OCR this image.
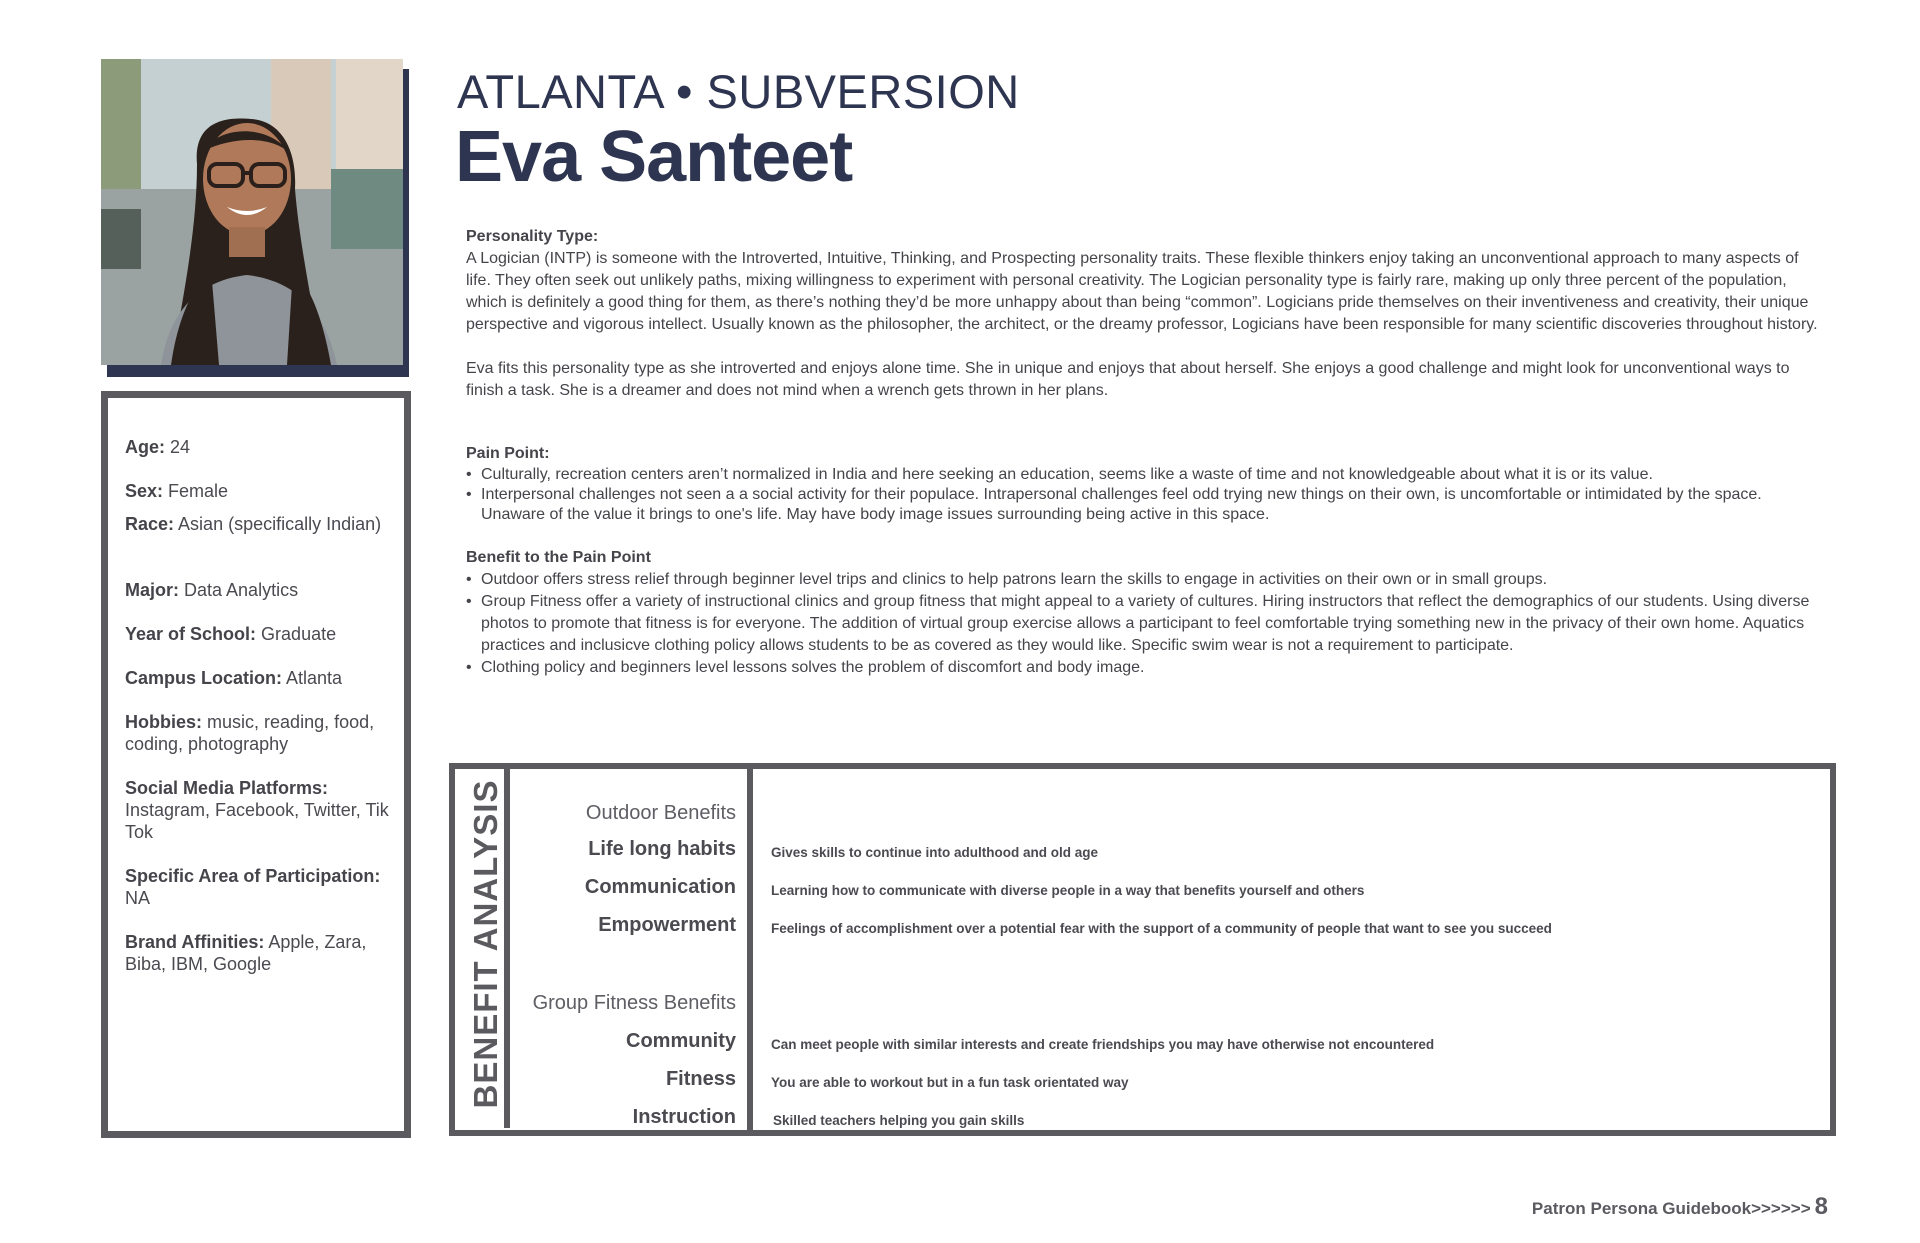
Age: 24
Sex: Female
Race: Asian (specifically Indian)
Major: Data Analytics
Year of School: Graduate
Campus Location: Atlanta
Hobbies: music, reading, food, coding, photography
Social Media Platforms: Instagram, Facebook, Twitter, Tik Tok
Specific Area of Participation: NA
Brand Affinities: Apple, Zara, Biba, IBM, Google
ATLANTA • SUBVERSION
Eva Santeet

Personality Type:

A Logician (INTP) is someone with the Introverted, Intuitive, Thinking, and Prospecting personality traits. These flexible thinkers enjoy taking an unconventional approach to many aspects of life. They often seek out unlikely paths, mixing willingness to experiment with personal creativity. The Logician personality type is fairly rare, making up only three percent of the population, which is definitely a good thing for them, as there’s nothing they’d be more unhappy about than being “common”. Logicians pride themselves on their inventiveness and creativity, their unique perspective and vigorous intellect. Usually known as the philosopher, the architect, or the dreamy professor, Logicians have been responsible for many scientific discoveries throughout history.

Eva fits this personality type as she introverted and enjoys alone time. She in unique and enjoys that about herself. She enjoys a good challenge and might look for unconventional ways to finish a task. She is a dreamer and does not mind when a wrench gets thrown in her plans.

Pain Point:

• Culturally, recreation centers aren’t normalized in India and here seeking an education, seems like a waste of time and not knowledgeable about what it is or its value.

• Interpersonal challenges not seen a a social activity for their populace. Intrapersonal challenges feel odd trying new things on their own, is uncomfortable or intimidated by the space. Unaware of the value it brings to one's life. May have body image issues surrounding being active in this space.

Benefit to the Pain Point

• Outdoor offers stress relief through beginner level trips and clinics to help patrons learn the skills to engage in activities on their own or in small groups.

• Group Fitness offer a variety of instructional clinics and group fitness that might appeal to a variety of cultures. Hiring instructors that reflect the demographics of our students. Using diverse photos to promote that fitness is for everyone. The addition of virtual group exercise allows a participant to feel comfortable trying something new in the privacy of their own home. Aquatics practices and inclusicve clothing policy allows students to be as covered as they would like. Specific swim wear is not a requirement to participate.

• Clothing policy and beginners level lessons solves the problem of discomfort and body image.

BENEFIT ANALYSIS	Outdoor Benefits
Life long habits	Gives skills to continue into adulthood and old age
Communication	Learning how to communicate with diverse people in a way that benefits yourself and others
Empowerment	Feelings of accomplishment over a potential fear with the support of a community of people that want to see you succeed
Group Fitness Benefits
Community	Can meet people with similar interests and create friendships you may have otherwise not encountered
Fitness	You are able to workout but in a fun task orientated way
Instruction	Skilled teachers helping you gain skills
Patron Persona Guidebook>>>>>> 8
